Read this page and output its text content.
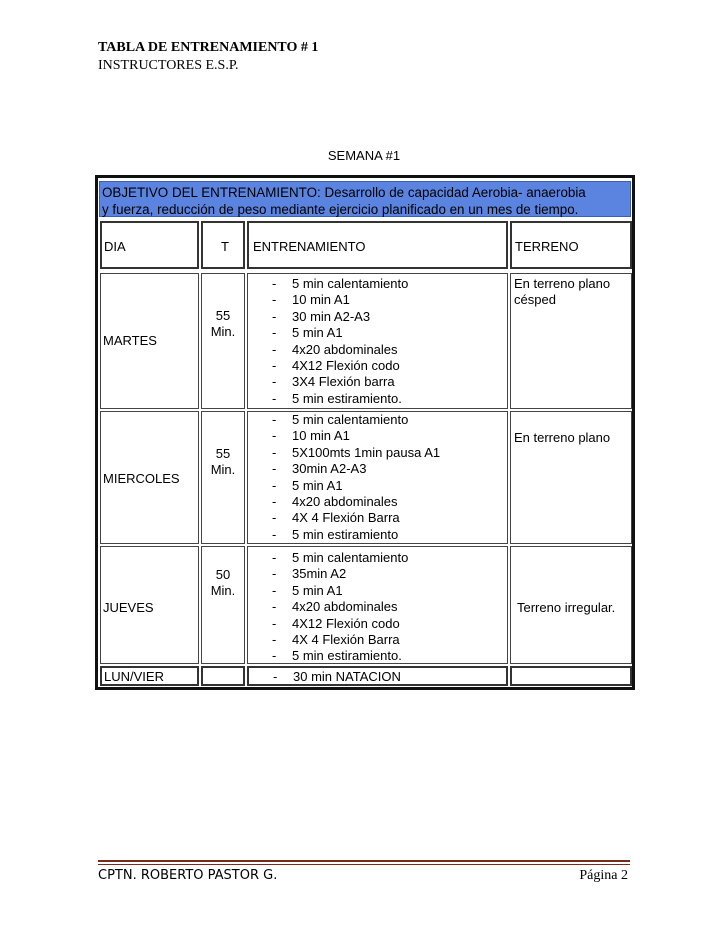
TABLA DE ENTRENAMIENTO # 1
INSTRUCTORES E.S.P.
SEMANA #1
OBJETIVO DEL ENTRENAMIENTO: Desarrollo de capacidad Aerobia- anaerobia
y fuerza, reducción de peso mediante ejercicio planificado en un mes de tiempo.
DIA	T ENTRENAMIENTO	TERRENO
MARTES
55
Min.
- 5 min calentamiento
- 10 min A1
- 30 min A2-A3
- 5 min A1
- 4x20 abdominales
- 4X12 Flexión codo
- 3X4 Flexión barra
- 5 min estiramiento.
En terreno plano
césped
MIERCOLES
55
Min.
- 5 min calentamiento
- 10 min A1
- 5X100mts 1min pausa A1
- 30min A2-A3
- 5 min A1
- 4x20 abdominales
- 4X 4 Flexión Barra
- 5 min estiramiento
En terreno plano
JUEVES
50
Min.
- 5 min calentamiento
- 35min A2
- 5 min A1
- 4x20 abdominales
- 4X12 Flexión codo
- 4X 4 Flexión Barra
- 5 min estiramiento.
Terreno irregular.
LUN/VIER
-	30 min NATACION
CPTN. ROBERTO PASTOR G.	Página 2
